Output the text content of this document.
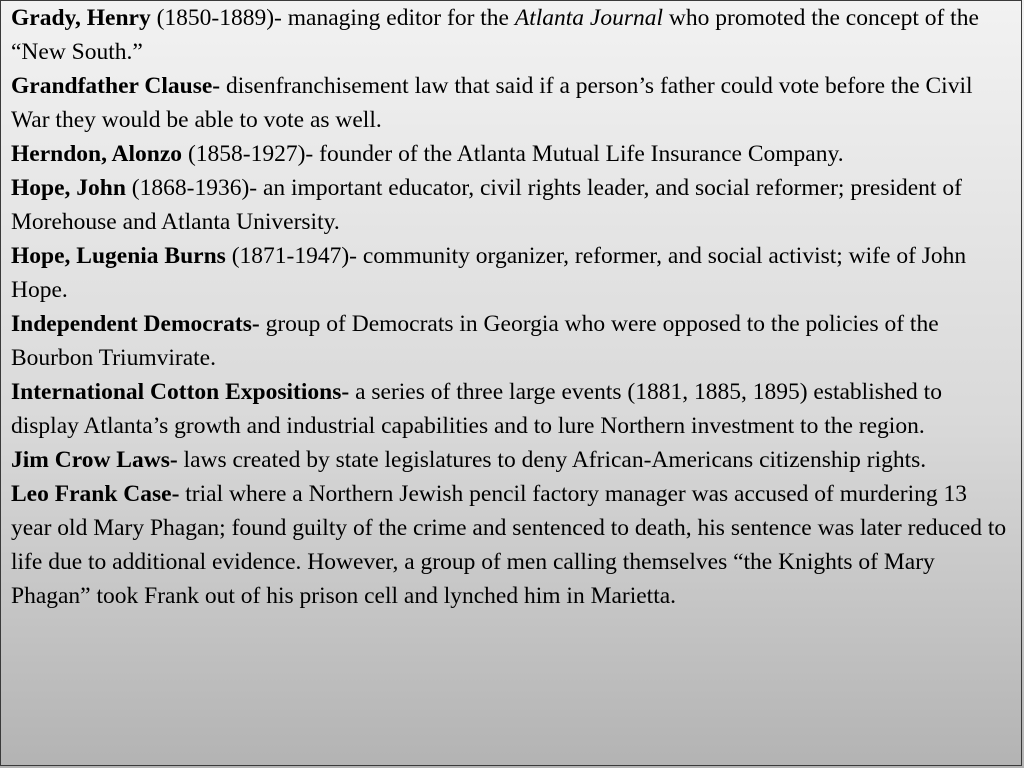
Grady, Henry (1850-1889)- managing editor for the Atlanta Journal who promoted the concept of the “New South.”

Grandfather Clause- disenfranchisement law that said if a person’s father could vote before the Civil War they would be able to vote as well.

Herndon, Alonzo (1858-1927)- founder of the Atlanta Mutual Life Insurance Company.

Hope, John (1868-1936)- an important educator, civil rights leader, and social reformer; president of Morehouse and Atlanta University.

Hope, Lugenia Burns (1871-1947)- community organizer, reformer, and social activist; wife of John Hope.

Independent Democrats- group of Democrats in Georgia who were opposed to the policies of the Bourbon Triumvirate.

International Cotton Expositions- a series of three large events (1881, 1885, 1895) established to display Atlanta’s growth and industrial capabilities and to lure Northern investment to the region.

Jim Crow Laws- laws created by state legislatures to deny African-Americans citizenship rights.

Leo Frank Case- trial where a Northern Jewish pencil factory manager was accused of murdering 13 year old Mary Phagan; found guilty of the crime and sentenced to death, his sentence was later reduced to life due to additional evidence. However, a group of men calling themselves “the Knights of Mary Phagan” took Frank out of his prison cell and lynched him in Marietta.
